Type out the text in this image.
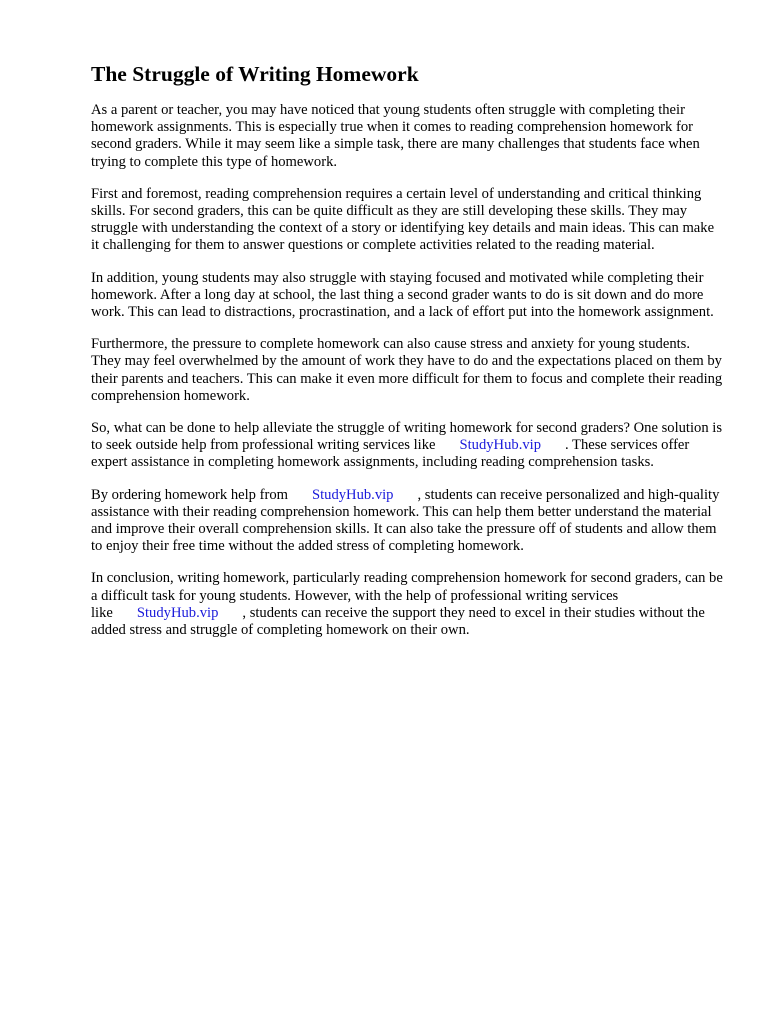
The Struggle of Writing Homework

As a parent or teacher, you may have noticed that young students often struggle with completing their homework assignments. This is especially true when it comes to reading comprehension homework for second graders. While it may seem like a simple task, there are many challenges that students face when trying to complete this type of homework.

First and foremost, reading comprehension requires a certain level of understanding and critical thinking skills. For second graders, this can be quite difficult as they are still developing these skills. They may struggle with understanding the context of a story or identifying key details and main ideas. This can make it challenging for them to answer questions or complete activities related to the reading material.

In addition, young students may also struggle with staying focused and motivated while completing their homework. After a long day at school, the last thing a second grader wants to do is sit down and do more work. This can lead to distractions, procrastination, and a lack of effort put into the homework assignment.

Furthermore, the pressure to complete homework can also cause stress and anxiety for young students. They may feel overwhelmed by the amount of work they have to do and the expectations placed on them by their parents and teachers. This can make it even more difficult for them to focus and complete their reading comprehension homework.

So, what can be done to help alleviate the struggle of writing homework for second graders? One solution is to seek outside help from professional writing services like StudyHub.vip . These services offer expert assistance in completing homework assignments, including reading comprehension tasks.

By ordering homework help from StudyHub.vip , students can receive personalized and high-quality assistance with their reading comprehension homework. This can help them better understand the material and improve their overall comprehension skills. It can also take the pressure off of students and allow them to enjoy their free time without the added stress of completing homework.

In conclusion, writing homework, particularly reading comprehension homework for second graders, can be a difficult task for young students. However, with the help of professional writing services like StudyHub.vip , students can receive the support they need to excel in their studies without the added stress and struggle of completing homework on their own.
